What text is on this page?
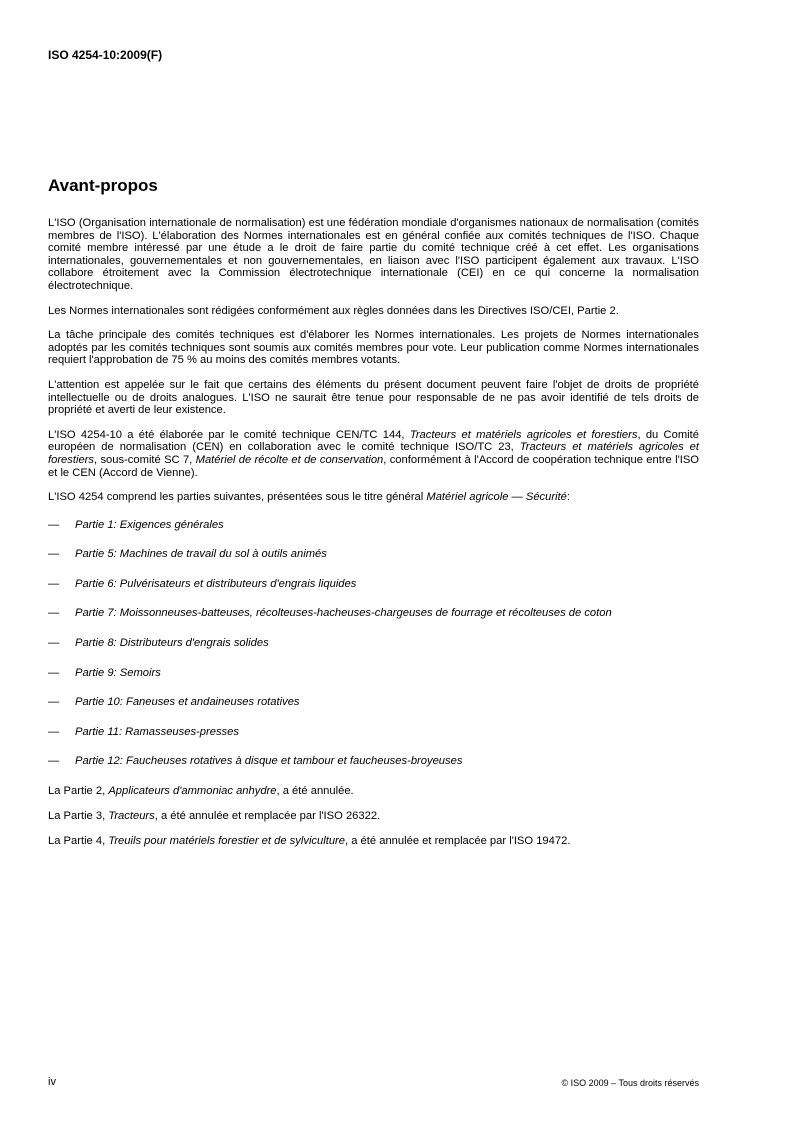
ISO 4254-10:2009(F)
Avant-propos

L'ISO (Organisation internationale de normalisation) est une fédération mondiale d'organismes nationaux de normalisation (comités membres de l'ISO). L'élaboration des Normes internationales est en général confiée aux comités techniques de l'ISO. Chaque comité membre intéressé par une étude a le droit de faire partie du comité technique créé à cet effet. Les organisations internationales, gouvernementales et non gouvernementales, en liaison avec l'ISO participent également aux travaux. L'ISO collabore étroitement avec la Commission électrotechnique internationale (CEI) en ce qui concerne la normalisation électrotechnique.

Les Normes internationales sont rédigées conformément aux règles données dans les Directives ISO/CEI, Partie 2.

La tâche principale des comités techniques est d'élaborer les Normes internationales. Les projets de Normes internationales adoptés par les comités techniques sont soumis aux comités membres pour vote. Leur publication comme Normes internationales requiert l'approbation de 75 % au moins des comités membres votants.

L'attention est appelée sur le fait que certains des éléments du présent document peuvent faire l'objet de droits de propriété intellectuelle ou de droits analogues. L'ISO ne saurait être tenue pour responsable de ne pas avoir identifié de tels droits de propriété et averti de leur existence.

L'ISO 4254-10 a été élaborée par le comité technique CEN/TC 144, Tracteurs et matériels agricoles et forestiers, du Comité européen de normalisation (CEN) en collaboration avec le comité technique ISO/TC 23, Tracteurs et matériels agricoles et forestiers, sous-comité SC 7, Matériel de récolte et de conservation, conformément à l'Accord de coopération technique entre l'ISO et le CEN (Accord de Vienne).

L'ISO 4254 comprend les parties suivantes, présentées sous le titre général Matériel agricole — Sécurité:

—	Partie 1: Exigences générales
—	Partie 5: Machines de travail du sol à outils animés
—	Partie 6: Pulvérisateurs et distributeurs d'engrais liquides
—	Partie 7: Moissonneuses-batteuses, récolteuses-hacheuses-chargeuses de fourrage et récolteuses de coton
—	Partie 8: Distributeurs d'engrais solides
—	Partie 9: Semoirs
—	Partie 10: Faneuses et andaineuses rotatives
—	Partie 11: Ramasseuses-presses
—	Partie 12: Faucheuses rotatives à disque et tambour et faucheuses-broyeuses

La Partie 2, Applicateurs d'ammoniac anhydre, a été annulée.

La Partie 3, Tracteurs, a été annulée et remplacée par l'ISO 26322.

La Partie 4, Treuils pour matériels forestier et de sylviculture, a été annulée et remplacée par l'ISO 19472.

iv	© ISO 2009 – Tous droits réservés
